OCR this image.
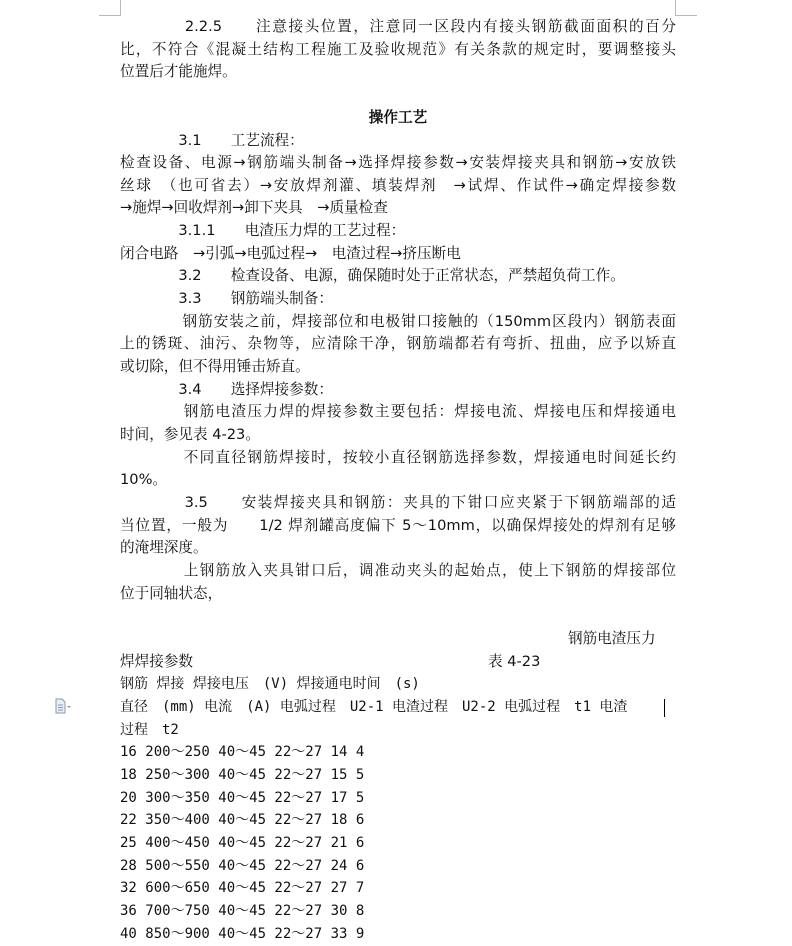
　　　　2.2.5　　注意接头位置，注意同一区段内有接头钢筋截面面积的百分
比，不符合《混凝土结构工程施工及验收规范》有关条款的规定时，要调整接头
位置后才能施焊。
操作工艺
　　　　3.1　　工艺流程：
检查设备、电源→钢筋端头制备→选择焊接参数→安装焊接夹具和钢筋→安放铁
丝球　（也可省去）→安放焊剂灌、填装焊剂　→试焊、作试件→确定焊接参数
→施焊→回收焊剂→卸下夹具　→质量检查
　　　　3.1.1　　电渣压力焊的工艺过程：
闭合电路　→引弧→电弧过程→　电渣过程→挤压断电
　　　　3.2　　检查设备、电源，确保随时处于正常状态，严禁超负荷工作。
　　　　3.3　　钢筋端头制备：
　　　　钢筋安装之前，焊接部位和电极钳口接触的（150mm区段内）钢筋表面
上的锈斑、油污、杂物等，应清除干净，钢筋端都若有弯折、扭曲，应予以矫直
或切除，但不得用锤击矫直。
　　　　3.4　　选择焊接参数：
　　　　钢筋电渣压力焊的焊接参数主要包括：焊接电流、焊接电压和焊接通电
时间，参见表 4-23。
　　　　不同直径钢筋焊接时，按较小直径钢筋选择参数，焊接通电时间延长约
10%。
　　　　3.5　　安装焊接夹具和钢筋：夹具的下钳口应夹紧于下钢筋端部的适
当位置，一般为　　1/2 焊剂罐高度偏下 5～10mm，以确保焊接处的焊剂有足够
的淹埋深度。
　　　　上钢筋放入夹具钳口后，调准动夹头的起始点，使上下钢筋的焊接部位
位于同轴状态，
钢筋电渣压力
焊焊接参数	表 4-23
钢筋 焊接 焊接电压　(V) 焊接通电时间　(s)
直径　(mm) 电流　(A) 电弧过程　U2-1 电渣过程　U2-2 电弧过程　t1 电渣
过程　t2
16 200～250 40～45 22～27 14 4
18 250～300 40～45 22～27 15 5
20 300～350 40～45 22～27 17 5
22 350～400 40～45 22～27 18 6
25 400～450 40～45 22～27 21 6
28 500～550 40～45 22～27 24 6
32 600～650 40～45 22～27 27 7
36 700～750 40～45 22～27 30 8
40 850～900 40～45 22～27 33 9
